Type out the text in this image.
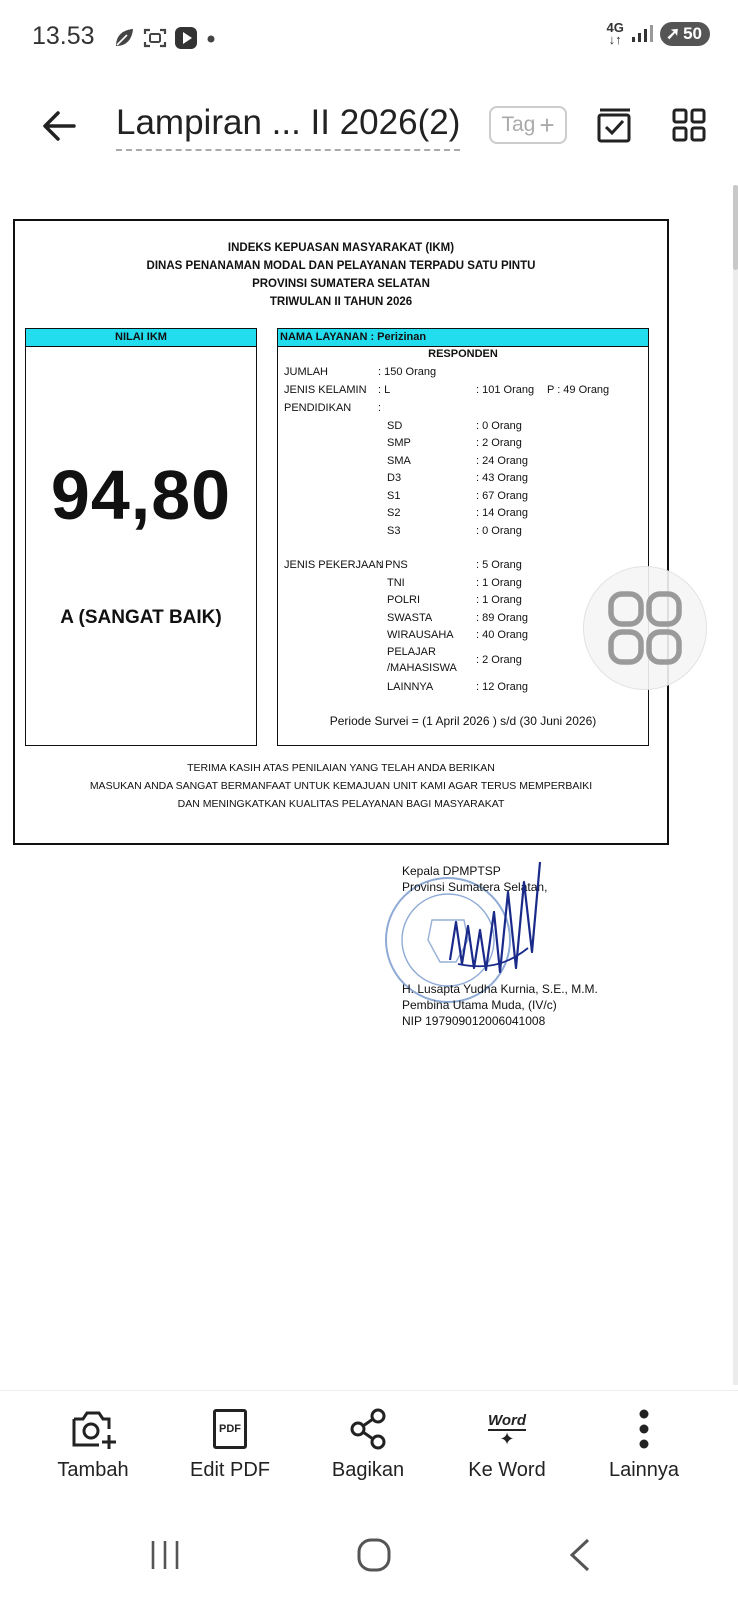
13.53	4G
↓↑	➚ 50
Lampiran ... II 2026(2) Tag +
INDEKS KEPUASAN MASYARAKAT (IKM)
DINAS PENANAMAN MODAL DAN PELAYANAN TERPADU SATU PINTU
PROVINSI SUMATERA SELATAN
TRIWULAN II TAHUN 2026
NILAI IKM
94,80
A (SANGAT BAIK)
NAMA LAYANAN : Perizinan
RESPONDEN
JUMLAH	: 150 Orang
JENIS KELAMIN : L	: 101 Orang	P : 49 Orang
PENDIDIKAN :
SD	: 0 Orang
SMP	: 2 Orang
SMA	: 24 Orang
D3	: 43 Orang
S1	: 67 Orang
S2	: 14 Orang
S3	: 0 Orang
JENIS PEKERJAAN
: PNS	: 5 Orang
TNI	: 1 Orang
POLRI	: 1 Orang
SWASTA	: 89 Orang
WIRAUSAHA : 40 Orang
PELAJAR
/MAHASISWA
: 2 Orang
LAINNYA	: 12 Orang
Periode Survei = (1 April 2026 ) s/d (30 Juni 2026)
TERIMA KASIH ATAS PENILAIAN YANG TELAH ANDA BERIKAN
MASUKAN ANDA SANGAT BERMANFAAT UNTUK KEMAJUAN UNIT KAMI AGAR TERUS MEMPERBAIKI
DAN MENINGKATKAN KUALITAS PELAYANAN BAGI MASYARAKAT
Kepala DPMPTSP
Provinsi Sumatera Selatan,
H. Lusapta Yudha Kurnia, S.E., M.M.
Pembina Utama Muda, (IV/c)
NIP 197909012006041008
Tambah
PDF
Edit PDF	Bagikan
Word
✦
Ke Word	Lainnya
